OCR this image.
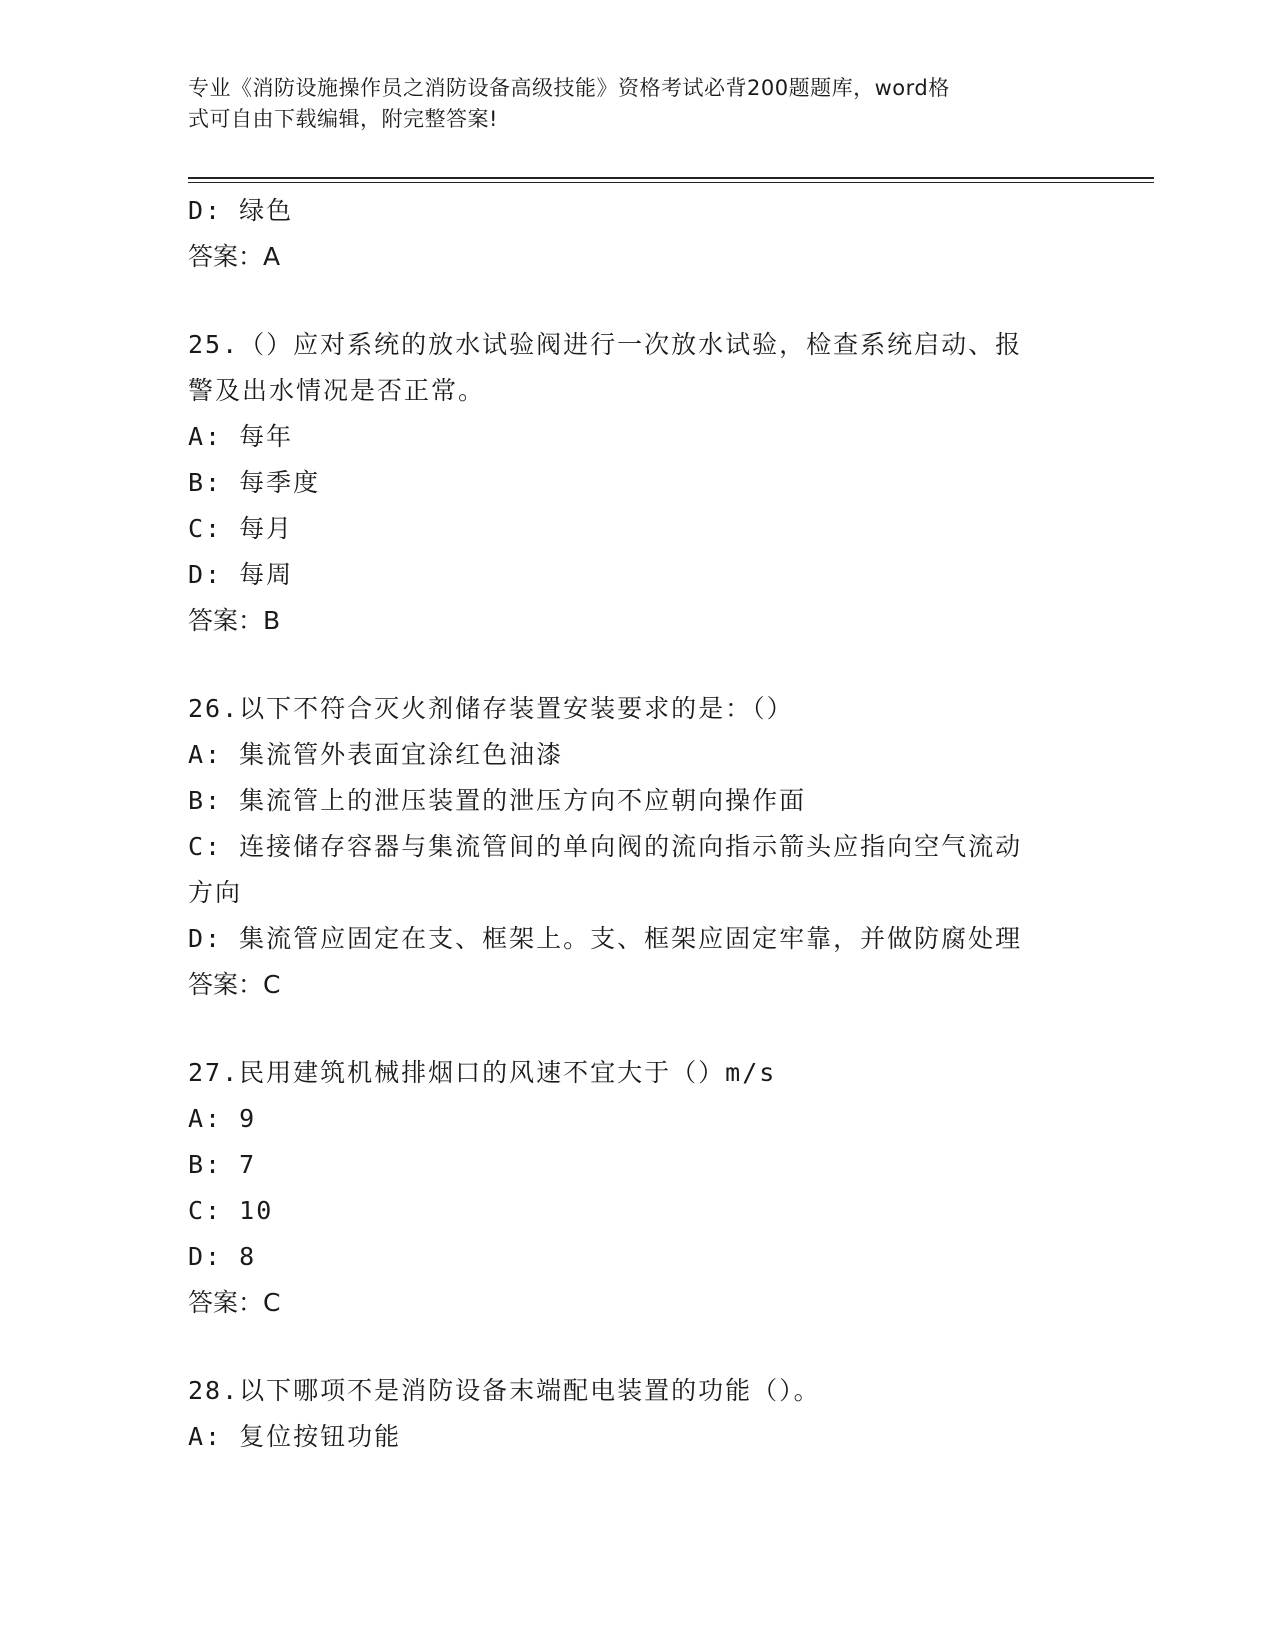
专业《消防设施操作员之消防设备高级技能》资格考试必背200题题库，word格
式可自由下载编辑，附完整答案!
D: 绿色
答案：A
25.（）应对系统的放水试验阀进行一次放水试验，检查系统启动、报
警及出水情况是否正常。
A: 每年
B: 每季度
C: 每月
D: 每周
答案：B
26.以下不符合灭火剂储存装置安装要求的是：（）
A: 集流管外表面宜涂红色油漆
B: 集流管上的泄压装置的泄压方向不应朝向操作面
C: 连接储存容器与集流管间的单向阀的流向指示箭头应指向空气流动
方向
D: 集流管应固定在支、框架上。支、框架应固定牢靠，并做防腐处理
答案：C
27.民用建筑机械排烟口的风速不宜大于（）m/s
A: 9
B: 7
C: 10
D: 8
答案：C
28.以下哪项不是消防设备末端配电装置的功能（）。
A: 复位按钮功能
